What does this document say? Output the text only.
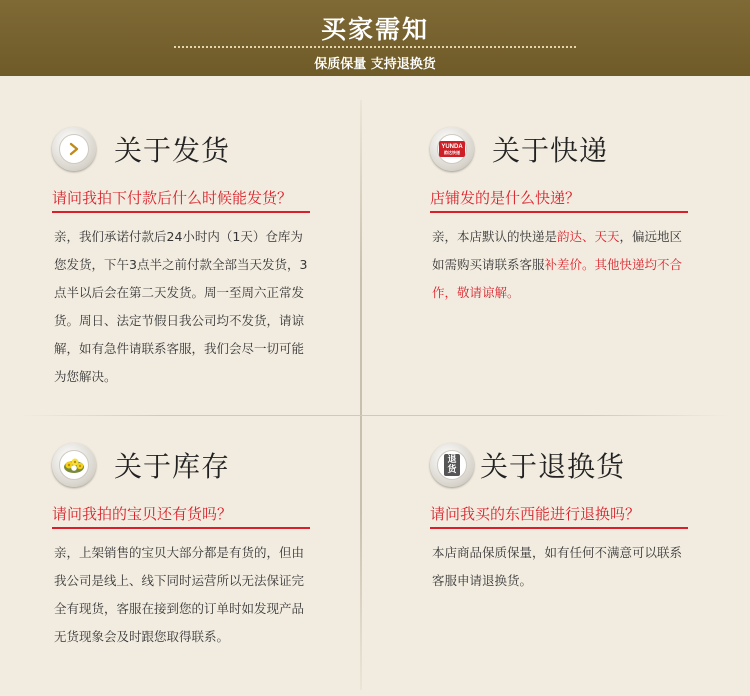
买家需知
保质保量 支持退换货
关于发货
请问我拍下付款后什么时候能发货？
亲，我们承诺付款后24小时内（1天）仓库为您发货，下午3点半之前付款全部当天发货，3点半以后会在第二天发货。周一至周六正常发货。周日、法定节假日我公司均不发货，请谅解，如有急件请联系客服，我们会尽一切可能为您解决。
YUNDA
韵达快递 关于快递
店铺发的是什么快递？
亲，本店默认的快递是韵达、天天，偏远地区如需购买请联系客服补差价。其他快递均不合作，敬请谅解。
关于库存
请问我拍的宝贝还有货吗？
亲，上架销售的宝贝大部分都是有货的，但由我公司是线上、线下同时运营所以无法保证完全有现货，客服在接到您的订单时如发现产品无货现象会及时跟您取得联系。
退货 关于退换货
请问我买的东西能进行退换吗？
本店商品保质保量，如有任何不满意可以联系客服申请退换货。
